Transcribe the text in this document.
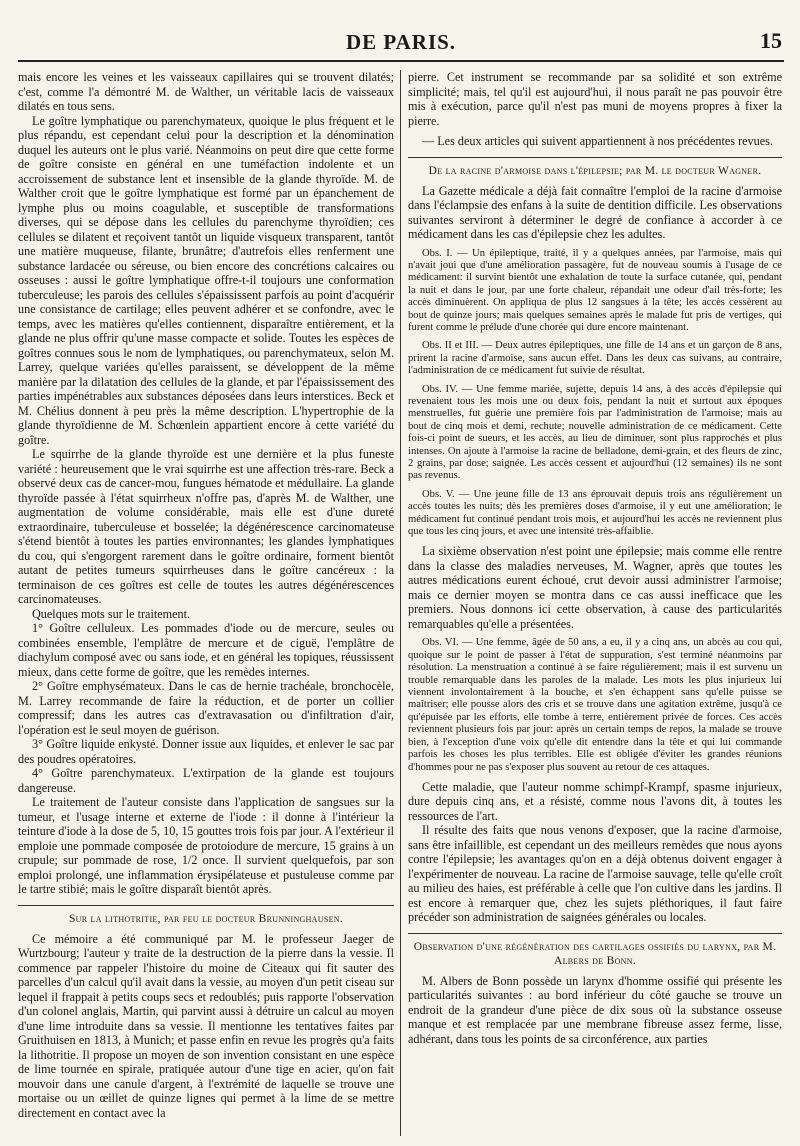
DE PARIS.	15

mais encore les veines et les vaisseaux capillaires qui se trouvent dilatés; c'est, comme l'a démontré M. de Walther, un véritable lacis de vaisseaux dilatés en tous sens.

Le goître lymphatique ou parenchymateux, quoique le plus fréquent et le plus répandu, est cependant celui pour la description et la dénomination duquel les auteurs ont le plus varié. Néanmoins on peut dire que cette forme de goître consiste en général en une tuméfaction indolente et un accroissement de substance lent et insensible de la glande thyroïde. M. de Walther croit que le goître lymphatique est formé par un épanchement de lymphe plus ou moins coagulable, et susceptible de transformations diverses, qui se dépose dans les cellules du parenchyme thyroïdien; ces cellules se dilatent et reçoivent tantôt un liquide visqueux transparent, tantôt une matière muqueuse, filante, brunâtre; d'autrefois elles renferment une substance lardacée ou séreuse, ou bien encore des concrétions calcaires ou osseuses : aussi le goître lymphatique offre-t-il toujours une conformation tuberculeuse; les parois des cellules s'épaississent parfois au point d'acquérir une consistance de cartilage; elles peuvent adhérer et se confondre, avec le temps, avec les matières qu'elles contiennent, disparaître entièrement, et la glande ne plus offrir qu'une masse compacte et solide. Toutes les espèces de goîtres connues sous le nom de lymphatiques, ou parenchymateux, selon M. Larrey, quelque variées qu'elles paraissent, se développent de la même manière par la dilatation des cellules de la glande, et par l'épaississement des parties impénétrables aux substances déposées dans leurs interstices. Beck et M. Chélius donnent à peu près la même description. L'hypertrophie de la glande thyroïdienne de M. Schœnlein appartient encore à cette variété du goître.

Le squirrhe de la glande thyroïde est une dernière et la plus funeste variété : heureusement que le vrai squirrhe est une affection très-rare. Beck a observé deux cas de cancer-mou, fungues hématode et médullaire. La glande thyroïde passée à l'état squirrheux n'offre pas, d'après M. de Walther, une augmentation de volume considérable, mais elle est d'une dureté extraordinaire, tuberculeuse et bosselée; la dégénérescence carcinomateuse s'étend bientôt à toutes les parties environnantes; les glandes lymphatiques du cou, qui s'engorgent rarement dans le goître ordinaire, forment bientôt autant de petites tumeurs squirrheuses dans le goître cancéreux : la terminaison de ces goîtres est celle de toutes les autres dégénérescences carcinomateuses.

Quelques mots sur le traitement.

1° Goître celluleux. Les pommades d'iode ou de mercure, seules ou combinées ensemble, l'emplâtre de mercure et de ciguë, l'emplâtre de diachylum composé avec ou sans iode, et en général les topiques, réussissent mieux, dans cette forme de goître, que les remèdes internes.

2° Goître emphysémateux. Dans le cas de hernie trachéale, bronchocèle, M. Larrey recommande de faire la réduction, et de porter un collier compressif; dans les autres cas d'extravasation ou d'infiltration d'air, l'opération est le seul moyen de guérison.

3° Goître liquide enkysté. Donner issue aux liquides, et enlever le sac par des poudres opératoires.

4° Goître parenchymateux. L'extirpation de la glande est toujours dangereuse.

Le traitement de l'auteur consiste dans l'application de sangsues sur la tumeur, et l'usage interne et externe de l'iode : il donne à l'intérieur la teinture d'iode à la dose de 5, 10, 15 gouttes trois fois par jour. A l'extérieur il emploie une pommade composée de protoiodure de mercure, 15 grains à un crupule; sur pommade de rose, 1/2 once. Il survient quelquefois, par son emploi prolongé, une inflammation érysipélateuse et pustuleuse comme par le tartre stibié; mais le goître disparaît bientôt après.

Sur la lithotritie, par feu le docteur Brunninghausen.

Ce mémoire a été communiqué par M. le professeur Jaeger de Wurtzbourg; l'auteur y traite de la destruction de la pierre dans la vessie. Il commence par rappeler l'histoire du moine de Citeaux qui fit sauter des parcelles d'un calcul qu'il avait dans la vessie, au moyen d'un petit ciseau sur lequel il frappait à petits coups secs et redoublés; puis rapporte l'observation d'un colonel anglais, Martin, qui parvint aussi à détruire un calcul au moyen d'une lime introduite dans sa vessie. Il mentionne les tentatives faites par Gruithuisen en 1813, à Munich; et passe enfin en revue les progrès qu'a faits la lithotritie. Il propose un moyen de son invention consistant en une espèce de lime tournée en spirale, pratiquée autour d'une tige en acier, qu'on fait mouvoir dans une canule d'argent, à l'extrémité de laquelle se trouve une mortaise ou un œillet de quinze lignes qui permet à la lime de se mettre directement en contact avec la

pierre. Cet instrument se recommande par sa solidité et son extrême simplicité; mais, tel qu'il est aujourd'hui, il nous paraît ne pas pouvoir être mis à exécution, parce qu'il n'est pas muni de moyens propres à fixer la pierre.

— Les deux articles qui suivent appartiennent à nos précédentes revues.

De la racine d'armoise dans l'épilepsie; par M. le docteur Wagner.

La Gazette médicale a déjà fait connaître l'emploi de la racine d'armoise dans l'éclampsie des enfans à la suite de dentition difficile. Les observations suivantes serviront à déterminer le degré de confiance à accorder à ce médicament dans les cas d'épilepsie chez les adultes.

Obs. I. — Un épileptique, traité, il y a quelques années, par l'armoise, mais qui n'avait joui que d'une amélioration passagère, fut de nouveau soumis à l'usage de ce médicament: il survint bientôt une exhalation de toute la surface cutanée, qui, pendant la nuit et dans le jour, par une forte chaleur, répandait une odeur d'ail très-forte; les accès diminuèrent. On appliqua de plus 12 sangsues à la tête; les accès cessèrent au bout de quinze jours; mais quelques semaines après le malade fut pris de vertiges, qui furent comme le prélude d'une chorée qui dure encore maintenant.

Obs. II et III. — Deux autres épileptiques, une fille de 14 ans et un garçon de 8 ans, prirent la racine d'armoise, sans aucun effet. Dans les deux cas suivans, au contraire, l'administration de ce médicament fut suivie de résultat.

Obs. IV. — Une femme mariée, sujette, depuis 14 ans, à des accès d'épilepsie qui revenaient tous les mois une ou deux fois, pendant la nuit et surtout aux époques menstruelles, fut guérie une première fois par l'administration de l'armoise; mais au bout de cinq mois et demi, rechute; nouvelle administration de ce médicament. Cette fois-ci point de sueurs, et les accès, au lieu de diminuer, sont plus rapprochés et plus intenses. On ajoute à l'armoise la racine de belladone, demi-grain, et des fleurs de zinc, 2 grains, par dose; saignée. Les accès cessent et aujourd'hui (12 semaines) ils ne sont pas revenus.

Obs. V. — Une jeune fille de 13 ans éprouvait depuis trois ans régulièrement un accès toutes les nuits; dès les premières doses d'armoise, il y eut une amélioration; le médicament fut continué pendant trois mois, et aujourd'hui les accès ne reviennent plus que tous les cinq jours, et avec une intensité très-affaiblie.

La sixième observation n'est point une épilepsie; mais comme elle rentre dans la classe des maladies nerveuses, M. Wagner, après que toutes les autres médications eurent échoué, crut devoir aussi administrer l'armoise; mais ce dernier moyen se montra dans ce cas aussi inefficace que les premiers. Nous donnons ici cette observation, à cause des particularités remarquables qu'elle a présentées.

Obs. VI. — Une femme, âgée de 50 ans, a eu, il y a cinq ans, un abcès au cou qui, quoique sur le point de passer à l'état de suppuration, s'est terminé néanmoins par résolution. La menstruation a continué à se faire régulièrement; mais il est survenu un trouble remarquable dans les paroles de la malade. Les mots les plus injurieux lui viennent involontairement à la bouche, et s'en échappent sans qu'elle puisse se maîtriser; elle pousse alors des cris et se trouve dans une agitation extrême, jusqu'à ce qu'épuisée par les efforts, elle tombe à terre, entièrement privée de forces. Ces accès reviennent plusieurs fois par jour: après un certain temps de repos, la malade se trouve bien, à l'exception d'une voix qu'elle dit entendre dans la tête et qui lui commande parfois les choses les plus terribles. Elle est obligée d'éviter les grandes réunions d'hommes pour ne pas s'exposer plus souvent au retour de ces attaques.

Cette maladie, que l'auteur nomme schimpf-Krampf, spasme injurieux, dure depuis cinq ans, et a résisté, comme nous l'avons dit, à toutes les ressources de l'art.

Il résulte des faits que nous venons d'exposer, que la racine d'armoise, sans être infaillible, est cependant un des meilleurs remèdes que nous ayons contre l'épilepsie; les avantages qu'on en a déjà obtenus doivent engager à l'expérimenter de nouveau. La racine de l'armoise sauvage, telle qu'elle croît au milieu des haies, est préférable à celle que l'on cultive dans les jardins. Il est encore à remarquer que, chez les sujets pléthoriques, il faut faire précéder son administration de saignées générales ou locales.

Observation d'une régénération des cartilages ossifiés du larynx, par M. Albers de Bonn.

M. Albers de Bonn possède un larynx d'homme ossifié qui présente les particularités suivantes : au bord inférieur du côté gauche se trouve un endroit de la grandeur d'une pièce de dix sous où la substance osseuse manque et est remplacée par une membrane fibreuse assez ferme, lisse, adhérant, dans tous les points de sa circonférence, aux parties
